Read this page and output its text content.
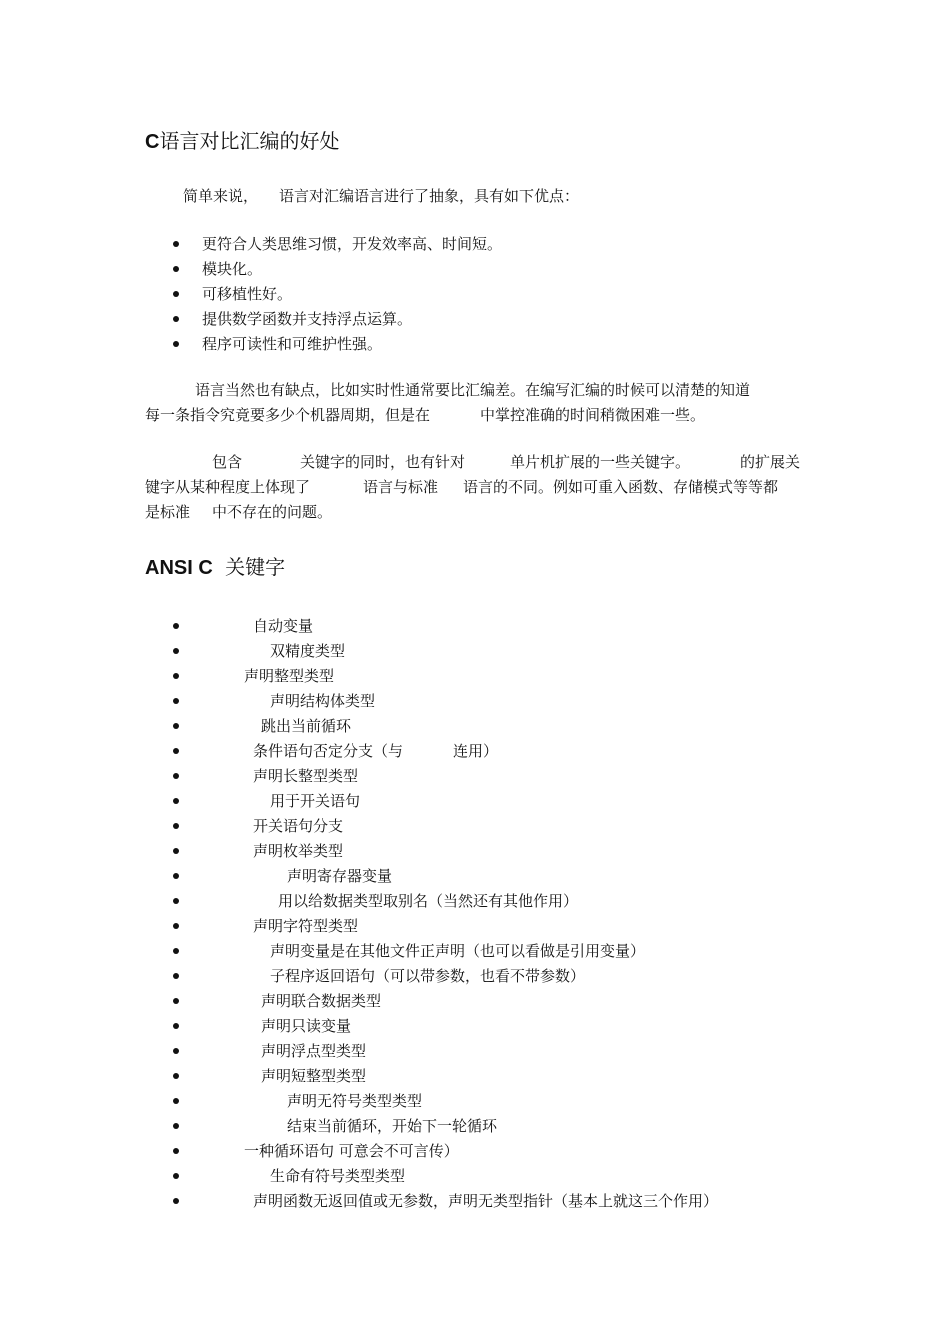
C语言对比汇编的好处
简单来说， 语言对汇编语言进行了抽象，具有如下优点：
更符合人类思维习惯，开发效率高、时间短。
模块化。
可移植性好。
提供数学函数并支持浮点运算。
程序可读性和可维护性强。
语言当然也有缺点，比如实时性通常要比汇编差。在编写汇编的时候可以清楚的知道
每一条指令究竟要多少个机器周期，但是在	中掌控准确的时间稍微困难一些。
包含	关键字的同时，也有针对	单片机扩展的一些关键字。	的扩展关
键字从某种程度上体现了	语言与标准 语言的不同。例如可重入函数、存储模式等等都
是标准 中不存在的问题。
ANSI C 关键字
自动变量
双精度类型
声明整型类型
声明结构体类型
跳出当前循环
条件语句否定分支（与	连用）
声明长整型类型
用于开关语句
开关语句分支
声明枚举类型
声明寄存器变量
用以给数据类型取别名（当然还有其他作用）
声明字符型类型
声明变量是在其他文件正声明（也可以看做是引用变量）
子程序返回语句（可以带参数，也看不带参数）
声明联合数据类型
声明只读变量
声明浮点型类型
声明短整型类型
声明无符号类型类型
结束当前循环，开始下一轮循环
一种循环语句 可意会不可言传）
生命有符号类型类型
声明函数无返回值或无参数，声明无类型指针（基本上就这三个作用）
